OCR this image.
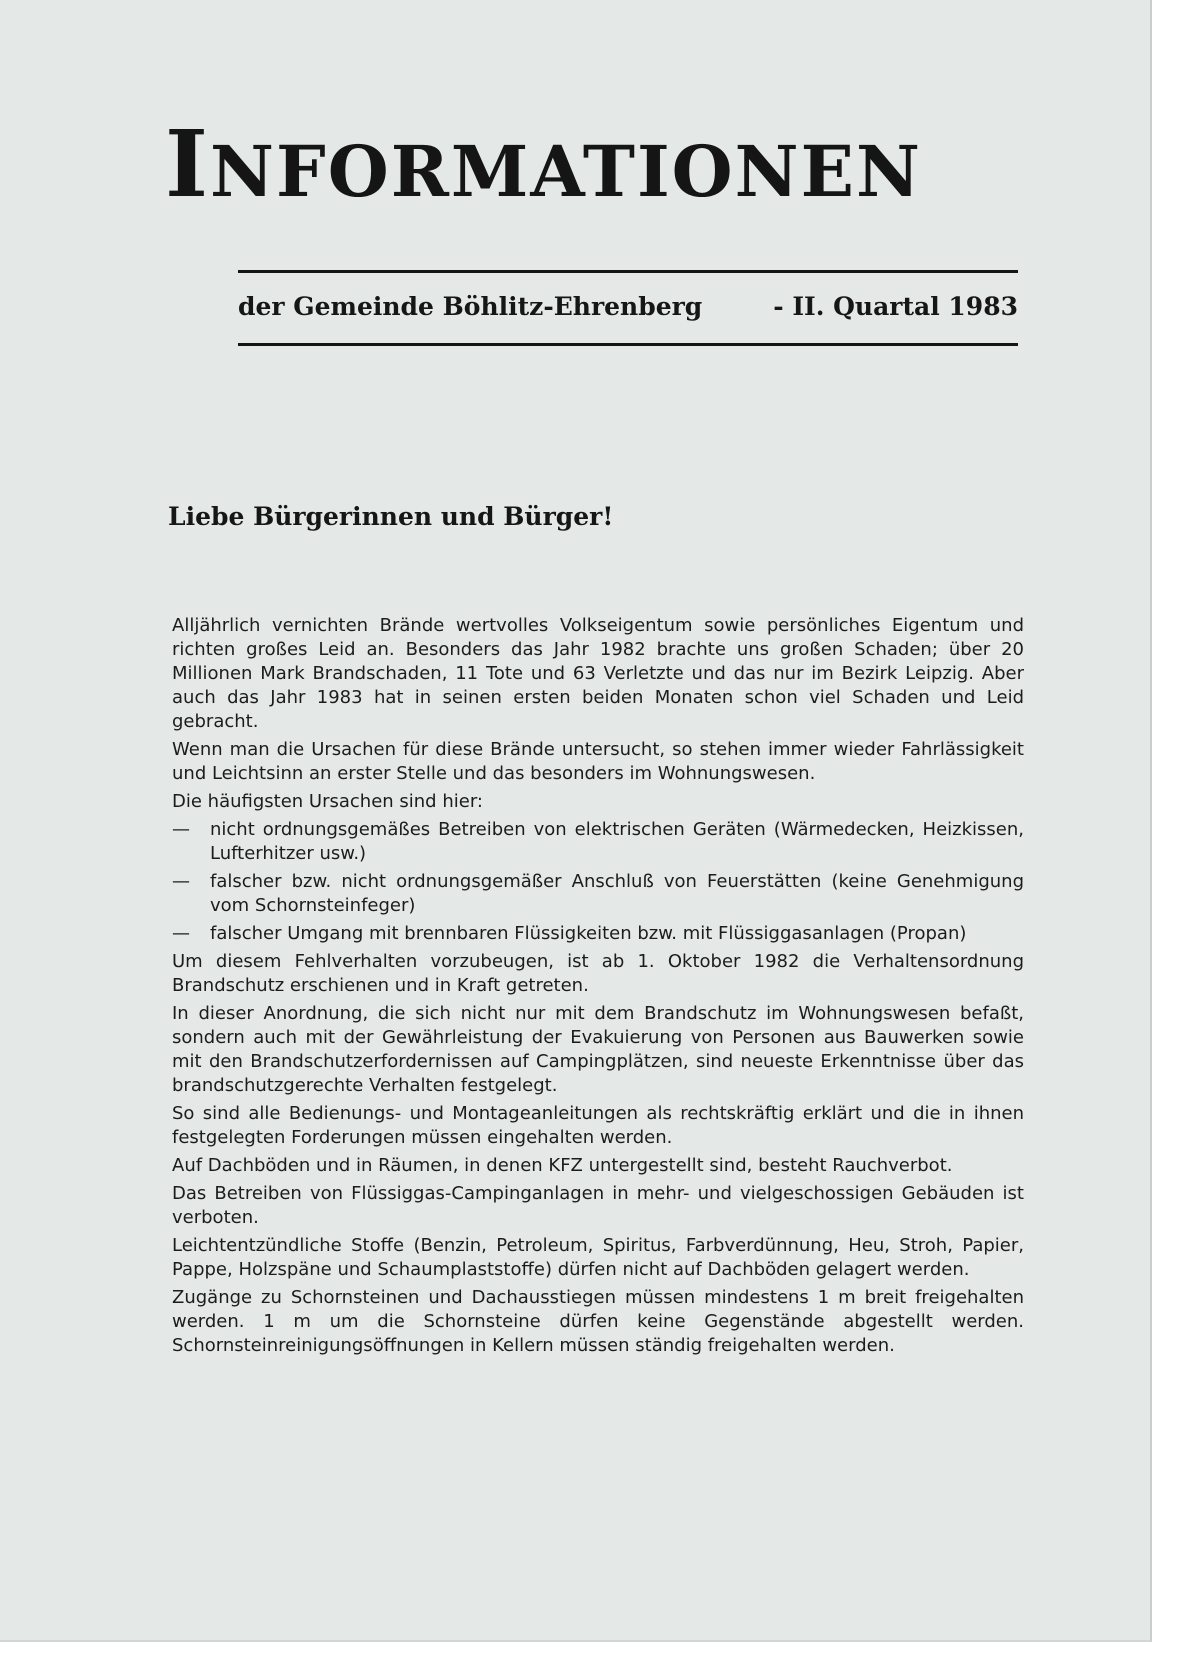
INFORMATIONEN
der Gemeinde Böhlitz-Ehrenberg	- II. Quartal 1983
Liebe Bürgerinnen und Bürger!

Alljährlich vernichten Brände wertvolles Volkseigentum sowie persönliches Eigentum und richten großes Leid an. Besonders das Jahr 1982 brachte uns großen Schaden; über 20 Millionen Mark Brandschaden, 11 Tote und 63 Verletzte und das nur im Bezirk Leipzig. Aber auch das Jahr 1983 hat in seinen ersten beiden Monaten schon viel Schaden und Leid gebracht.

Wenn man die Ursachen für diese Brände untersucht, so stehen immer wieder Fahrlässigkeit und Leichtsinn an erster Stelle und das besonders im Wohnungswesen.

Die häufigsten Ursachen sind hier:

—	nicht ordnungsgemäßes Betreiben von elektrischen Geräten (Wärmedecken, Heizkissen, Lufterhitzer usw.)
—	falscher bzw. nicht ordnungsgemäßer Anschluß von Feuerstätten (keine Genehmigung vom Schornsteinfeger)
—	falscher Umgang mit brennbaren Flüssigkeiten bzw. mit Flüssiggasanlagen (Propan)

Um diesem Fehlverhalten vorzubeugen, ist ab 1. Oktober 1982 die Verhaltensordnung Brandschutz erschienen und in Kraft getreten.

In dieser Anordnung, die sich nicht nur mit dem Brandschutz im Wohnungswesen befaßt, sondern auch mit der Gewährleistung der Evakuierung von Personen aus Bauwerken sowie mit den Brandschutzerfordernissen auf Campingplätzen, sind neueste Erkenntnisse über das brandschutzgerechte Verhalten festgelegt.

So sind alle Bedienungs- und Montageanleitungen als rechtskräftig erklärt und die in ihnen festgelegten Forderungen müssen eingehalten werden.

Auf Dachböden und in Räumen, in denen KFZ untergestellt sind, besteht Rauchverbot.

Das Betreiben von Flüssiggas-Campinganlagen in mehr- und vielgeschossigen Gebäuden ist verboten.

Leichtentzündliche Stoffe (Benzin, Petroleum, Spiritus, Farbverdünnung, Heu, Stroh, Papier, Pappe, Holzspäne und Schaumplaststoffe) dürfen nicht auf Dachböden gelagert werden.

Zugänge zu Schornsteinen und Dachausstiegen müssen mindestens 1 m breit freigehalten werden. 1 m um die Schornsteine dürfen keine Gegenstände abgestellt werden. Schornsteinreinigungsöffnungen in Kellern müssen ständig freigehalten werden.
